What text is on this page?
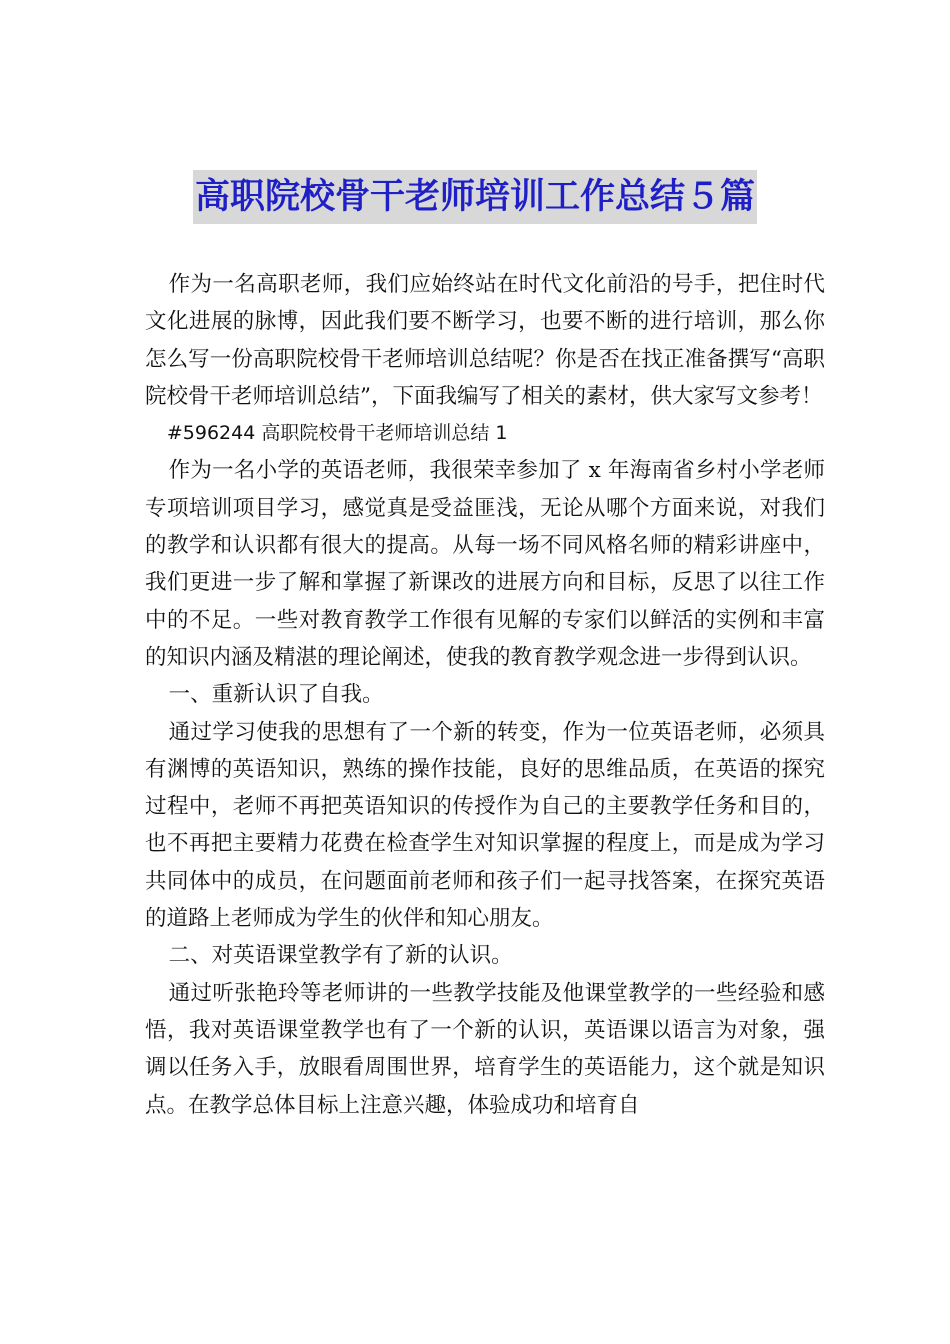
高职院校骨干老师培训工作总结５篇

作为一名高职老师，我们应始终站在时代文化前沿的号手，把住时代文化进展的脉博，因此我们要不断学习，也要不断的进行培训，那么你怎么写一份高职院校骨干老师培训总结呢？你是否在找正准备撰写“高职院校骨干老师培训总结”，下面我编写了相关的素材，供大家写文参考！

#596244 高职院校骨干老师培训总结 1

作为一名小学的英语老师，我很荣幸参加了 x 年海南省乡村小学老师专项培训项目学习，感觉真是受益匪浅，无论从哪个方面来说，对我们的教学和认识都有很大的提高。从每一场不同风格名师的精彩讲座中，我们更进一步了解和掌握了新课改的进展方向和目标，反思了以往工作中的不足。一些对教育教学工作很有见解的专家们以鲜活的实例和丰富的知识内涵及精湛的理论阐述，使我的教育教学观念进一步得到认识。

一、重新认识了自我。

通过学习使我的思想有了一个新的转变，作为一位英语老师，必须具有渊博的英语知识，熟练的操作技能，良好的思维品质，在英语的探究过程中，老师不再把英语知识的传授作为自己的主要教学任务和目的，也不再把主要精力花费在检查学生对知识掌握的程度上，而是成为学习共同体中的成员，在问题面前老师和孩子们一起寻找答案，在探究英语的道路上老师成为学生的伙伴和知心朋友。

二、对英语课堂教学有了新的认识。

通过听张艳玲等老师讲的一些教学技能及他课堂教学的一些经验和感悟，我对英语课堂教学也有了一个新的认识，英语课以语言为对象，强调以任务入手，放眼看周围世界，培育学生的英语能力，这个就是知识点。在教学总体目标上注意兴趣，体验成功和培育自
